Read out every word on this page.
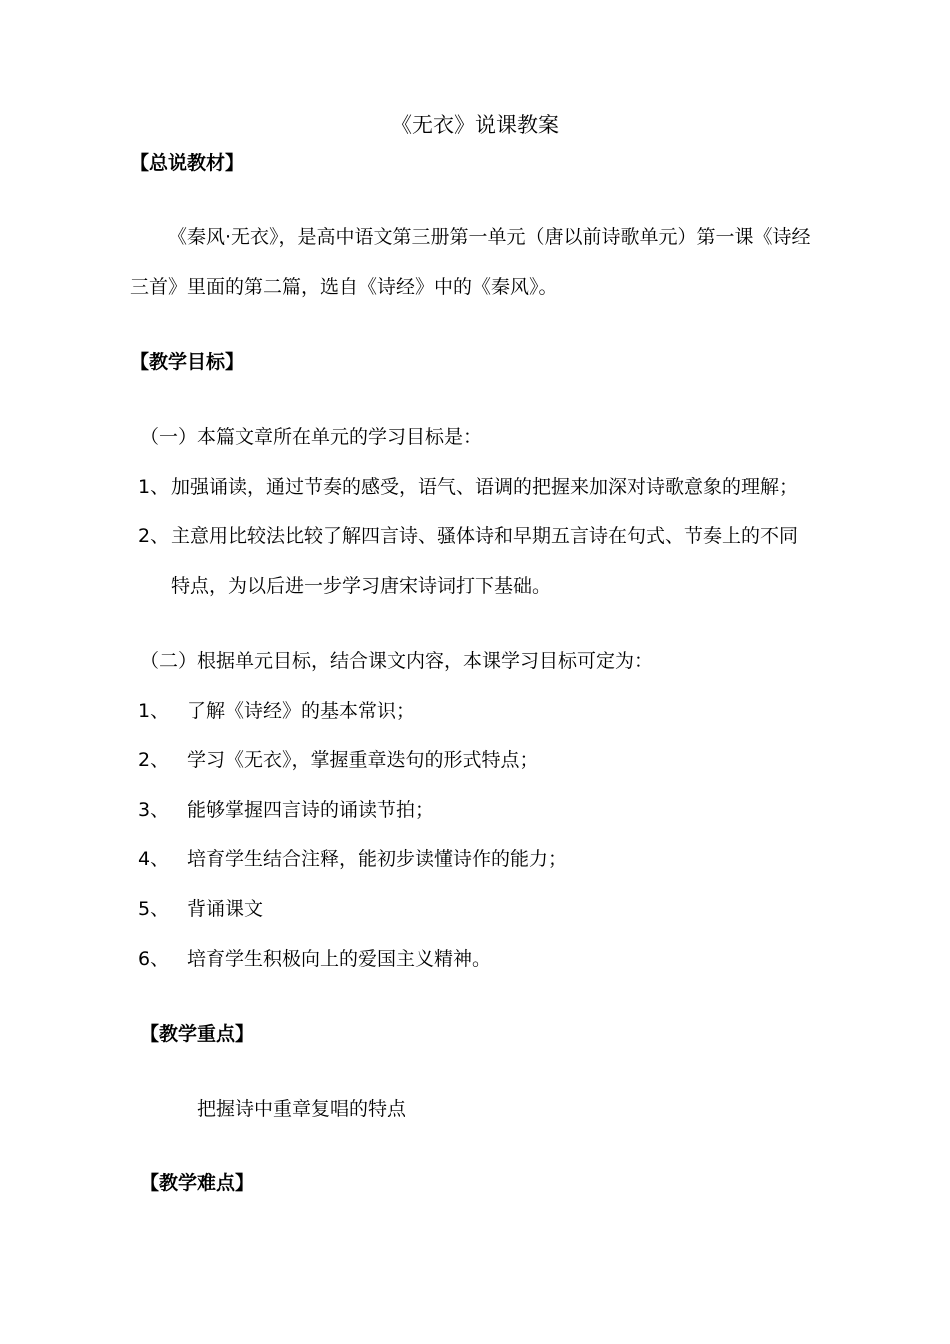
《无衣》说课教案
【总说教材】
《秦风·无衣》，是高中语文第三册第一单元（唐以前诗歌单元）第一课《诗经
三首》里面的第二篇，选自《诗经》中的《秦风》。
【教学目标】
（一）本篇文章所在单元的学习目标是：
1、 加强诵读，通过节奏的感受，语气、语调的把握来加深对诗歌意象的理解；
2、 主意用比较法比较了解四言诗、骚体诗和早期五言诗在句式、节奏上的不同
特点，为以后进一步学习唐宋诗词打下基础。
（二）根据单元目标，结合课文内容，本课学习目标可定为：
1、 了解《诗经》的基本常识；
2、 学习《无衣》，掌握重章迭句的形式特点；
3、 能够掌握四言诗的诵读节拍；
4、 培育学生结合注释，能初步读懂诗作的能力；
5、 背诵课文
6、 培育学生积极向上的爱国主义精神。
【教学重点】
把握诗中重章复唱的特点
【教学难点】
